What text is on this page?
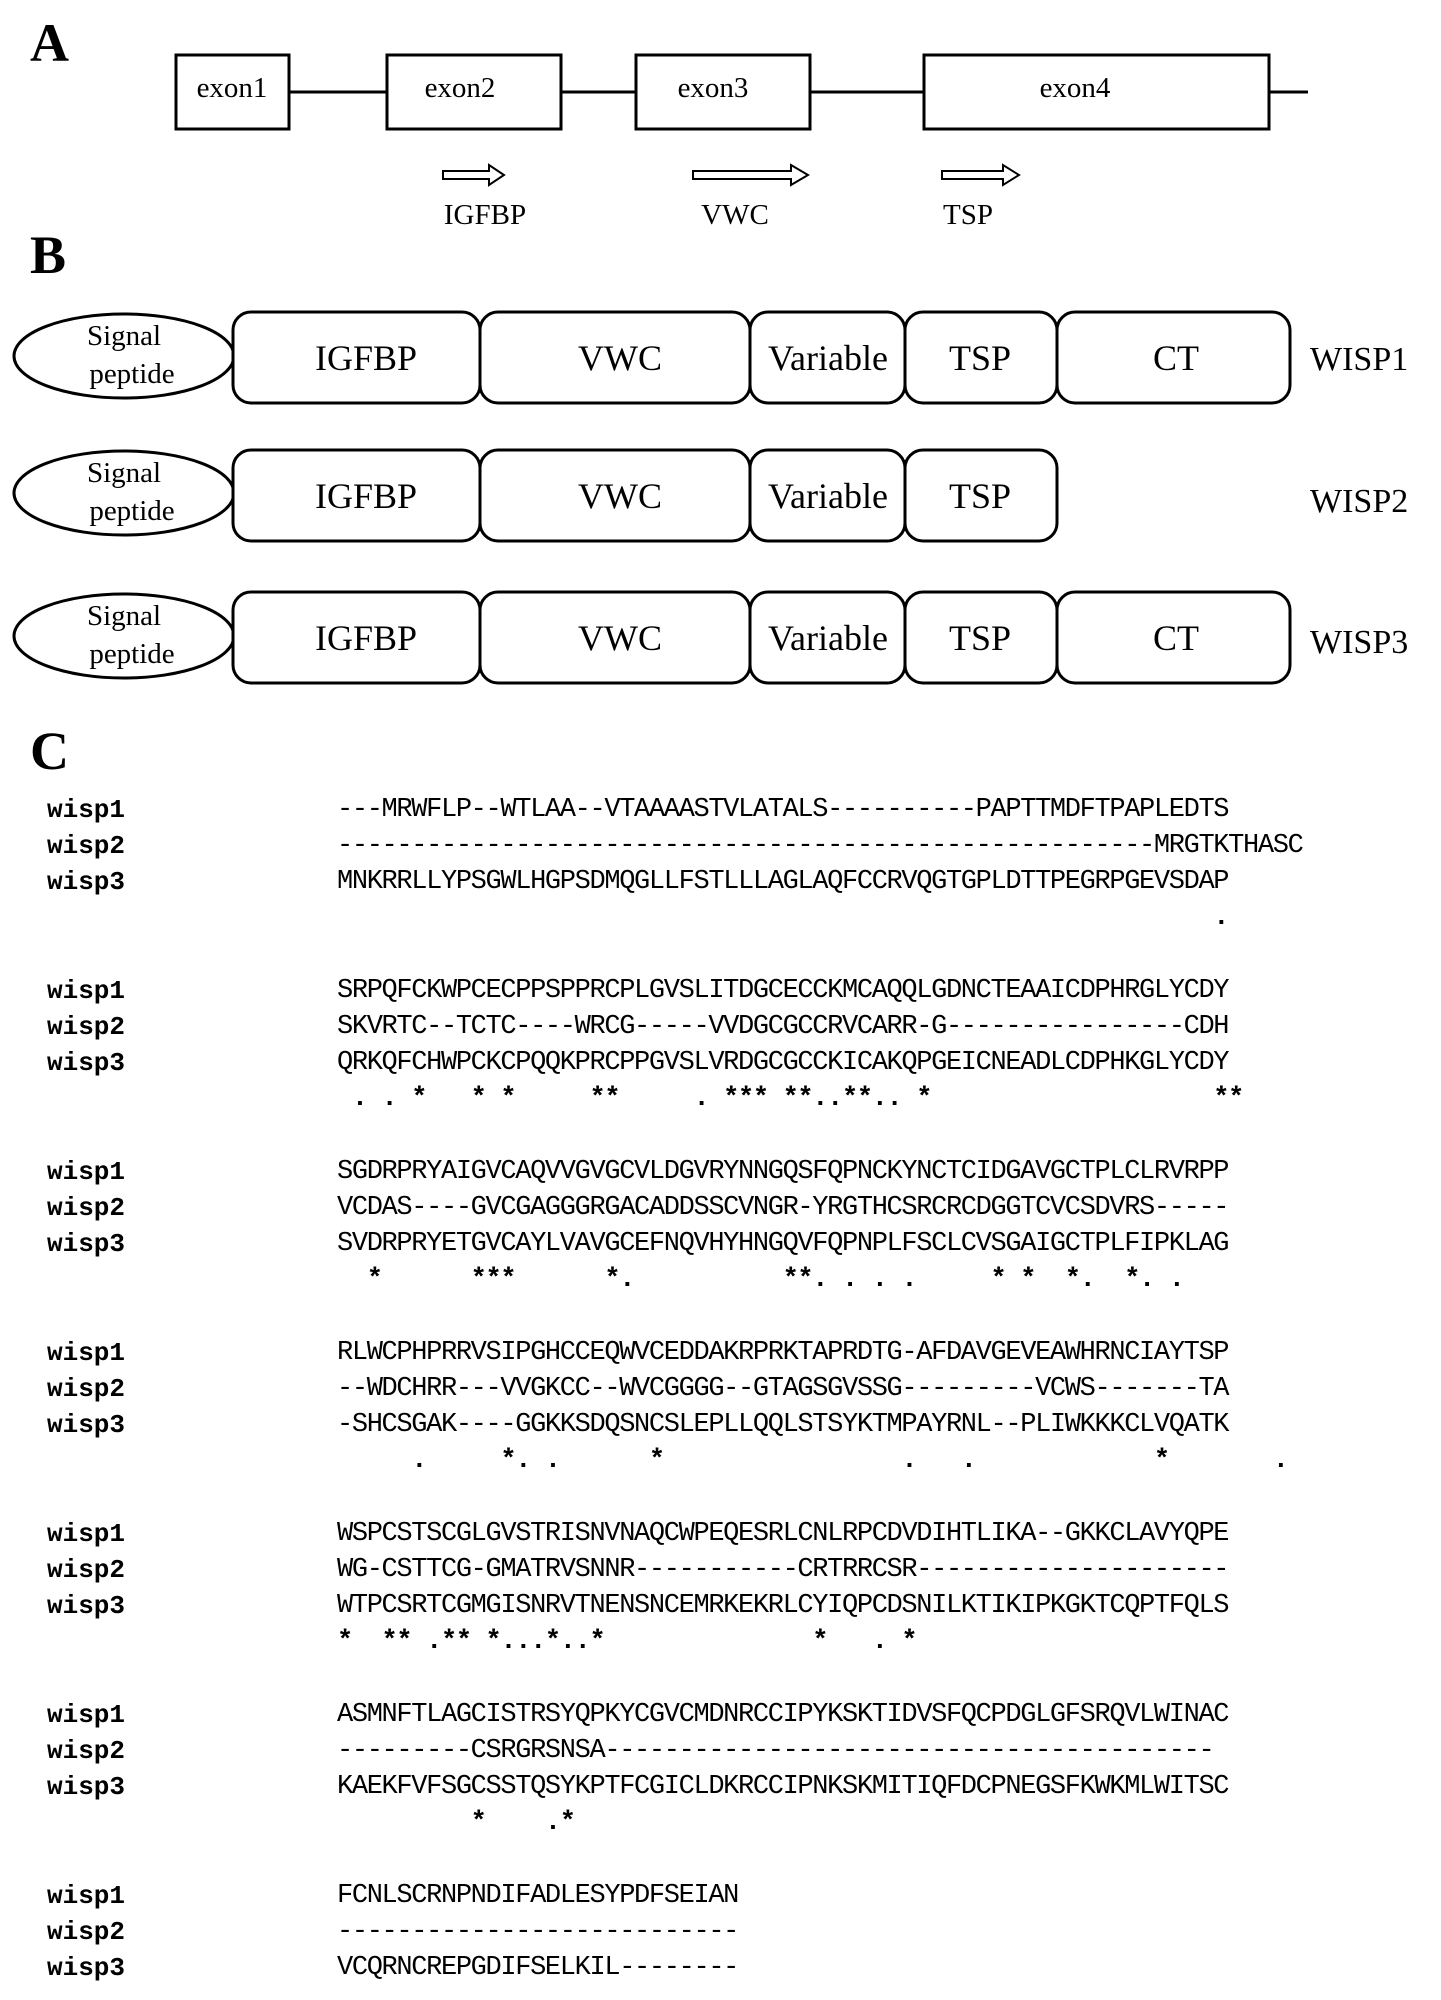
A
B
C
exon1	exon2	exon3	exon4
IGFBP	VWC	TSP
Signal
peptide	IGFBP	VWC	Variable TSP	CT	WISP1
Signal
peptide	IGFBP	VWC	Variable TSP	WISP2
Signal
peptide	IGFBP	VWC	Variable TSP	CT	WISP3
wisp1	---MRWFLP--WTLAA--VTAAAASTVLATALS----------PAPTTMDFTPAPLEDTS
wisp2	-------------------------------------------------------MRGTKTHASC
wisp3	MNKRRLLYPSGWLHGPSDMQGLLFSTLLLAGLAQFCCRVQGTGPLDTTPEGRPGEVSDAP
.
wisp1	SRPQFCKWPCECPPSPPRCPLGVSLITDGCECCKMCAQQLGDNCTEAAICDPHRGLYCDY
wisp2	SKVRTC--TCTC----WRCG-----VVDGCGCCRVCARR-G----------------CDH
wisp3	QRKQFCHWPCKCPQQKPRCPPGVSLVRDGCGCCKICAKQPGEICNEADLCDPHKGLYCDY
. . *   * *     **     . *** **..**.. *                   **
wisp1	SGDRPRYAIGVCAQVVGVGCVLDGVRYNNGQSFQPNCKYNCTCIDGAVGCTPLCLRVRPP
wisp2	VCDAS----GVCGAGGGRGACADDSSCVNGR-YRGTHCSRCRCDGGTCVCSDVRS-----
wisp3	SVDRPRYETGVCAYLVAVGCEFNQVHYHNGQVFQPNPLFSCLCVSGAIGCTPLFIPKLAG
*      ***      *.          **. . . .     * *  *.  *. .
wisp1	RLWCPHPRRVSIPGHCCEQWVCEDDAKRPRKTAPRDTG-AFDAVGEVEAWHRNCIAYTSP
wisp2	--WDCHRR---VVGKCC--WVCGGGG--GTAGSGVSSG---------VCWS-------TA
wisp3	-SHCSGAK----GGKKSDQSNCSLEPLLQQLSTSYKTMPAYRNL--PLIWKKKCLVQATK
.     *. .      *                .   .            *       .
wisp1	WSPCSTSCGLGVSTRISNVNAQCWPEQESRLCNLRPCDVDIHTLIKA--GKKCLAVYQPE
wisp2	WG-CSTTCG-GMATRVSNNR-----------CRTRRCSR---------------------
wisp3	WTPCSRTCGMGISNRVTNENSNCEMRKEKRLCYIQPCDSNILKTIKIPKGKTCQPTFQLS
*  ** .** *...*..*              *   . *
wisp1	ASMNFTLAGCISTRSYQPKYCGVCMDNRCCIPYKSKTIDVSFQCPDGLGFSRQVLWINAC
wisp2	---------CSRGRSNSA-----------------------------------------
wisp3	KAEKFVFSGCSSTQSYKPTFCGICLDKRCCIPNKSKMITIQFDCPNEGSFKWKMLWITSC
*    .*
wisp1	FCNLSCRNPNDIFADLESYPDFSEIAN
wisp2	---------------------------
wisp3	VCQRNCREPGDIFSELKIL--------
